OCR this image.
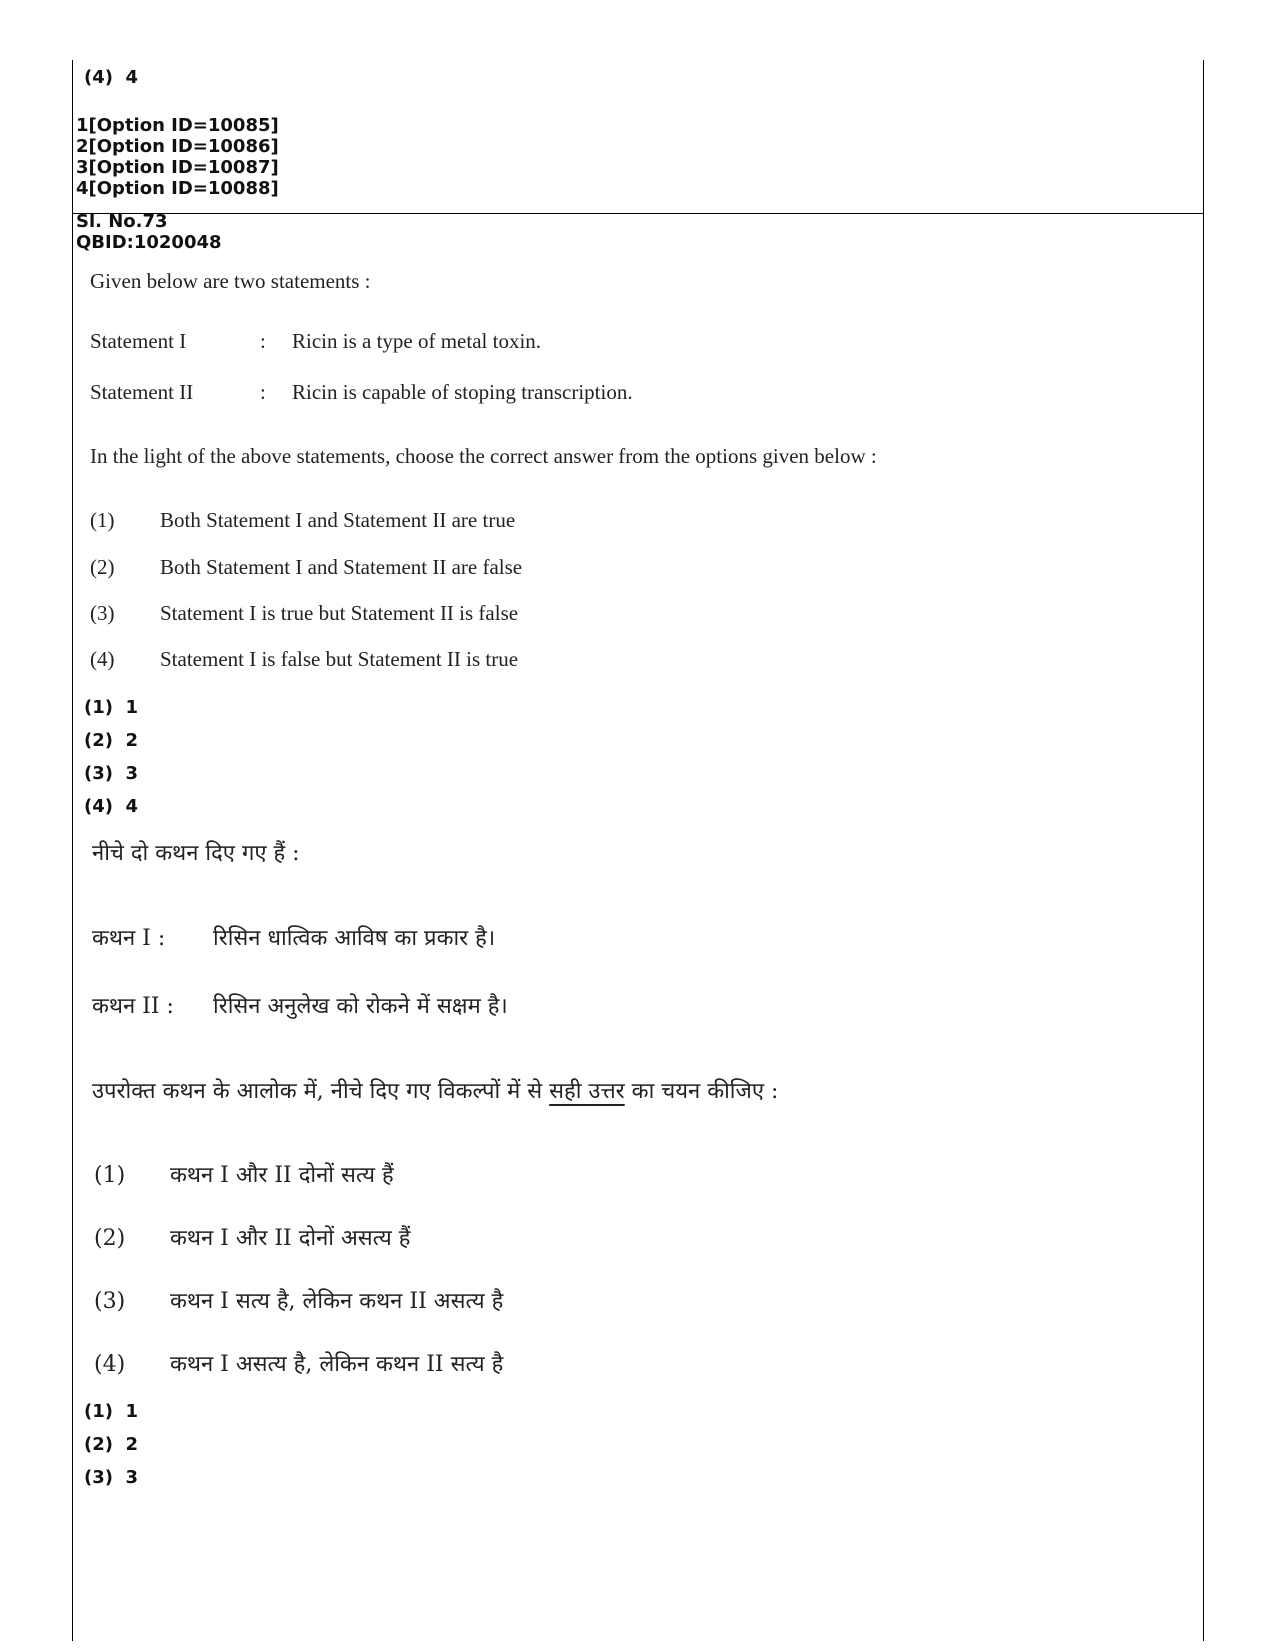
(4) 4
1[Option ID=10085]
2[Option ID=10086]
3[Option ID=10087]
4[Option ID=10088]
Sl. No.73
QBID:1020048
Given below are two statements :
Statement I	: Ricin is a type of metal toxin.
Statement II	: Ricin is capable of stoping transcription.
In the light of the above statements, choose the correct answer from the options given below :
(1) Both Statement I and Statement II are true
(2) Both Statement I and Statement II are false
(3) Statement I is true but Statement II is false
(4) Statement I is false but Statement II is true
(1) 1
(2) 2
(3) 3
(4) 4
नीचे दो कथन दिए गए हैं :
कथन I : रिसिन धात्विक आविष का प्रकार है।
कथन II : रिसिन अनुलेख को रोकने में सक्षम है।
उपरोक्त कथन के आलोक में, नीचे दिए गए विकल्पों में से सही उत्तर का चयन कीजिए :
(1) कथन I और II दोनों सत्य हैं
(2) कथन I और II दोनों असत्य हैं
(3) कथन I सत्य है, लेकिन कथन II असत्य है
(4) कथन I असत्य है, लेकिन कथन II सत्य है
(1) 1
(2) 2
(3) 3
